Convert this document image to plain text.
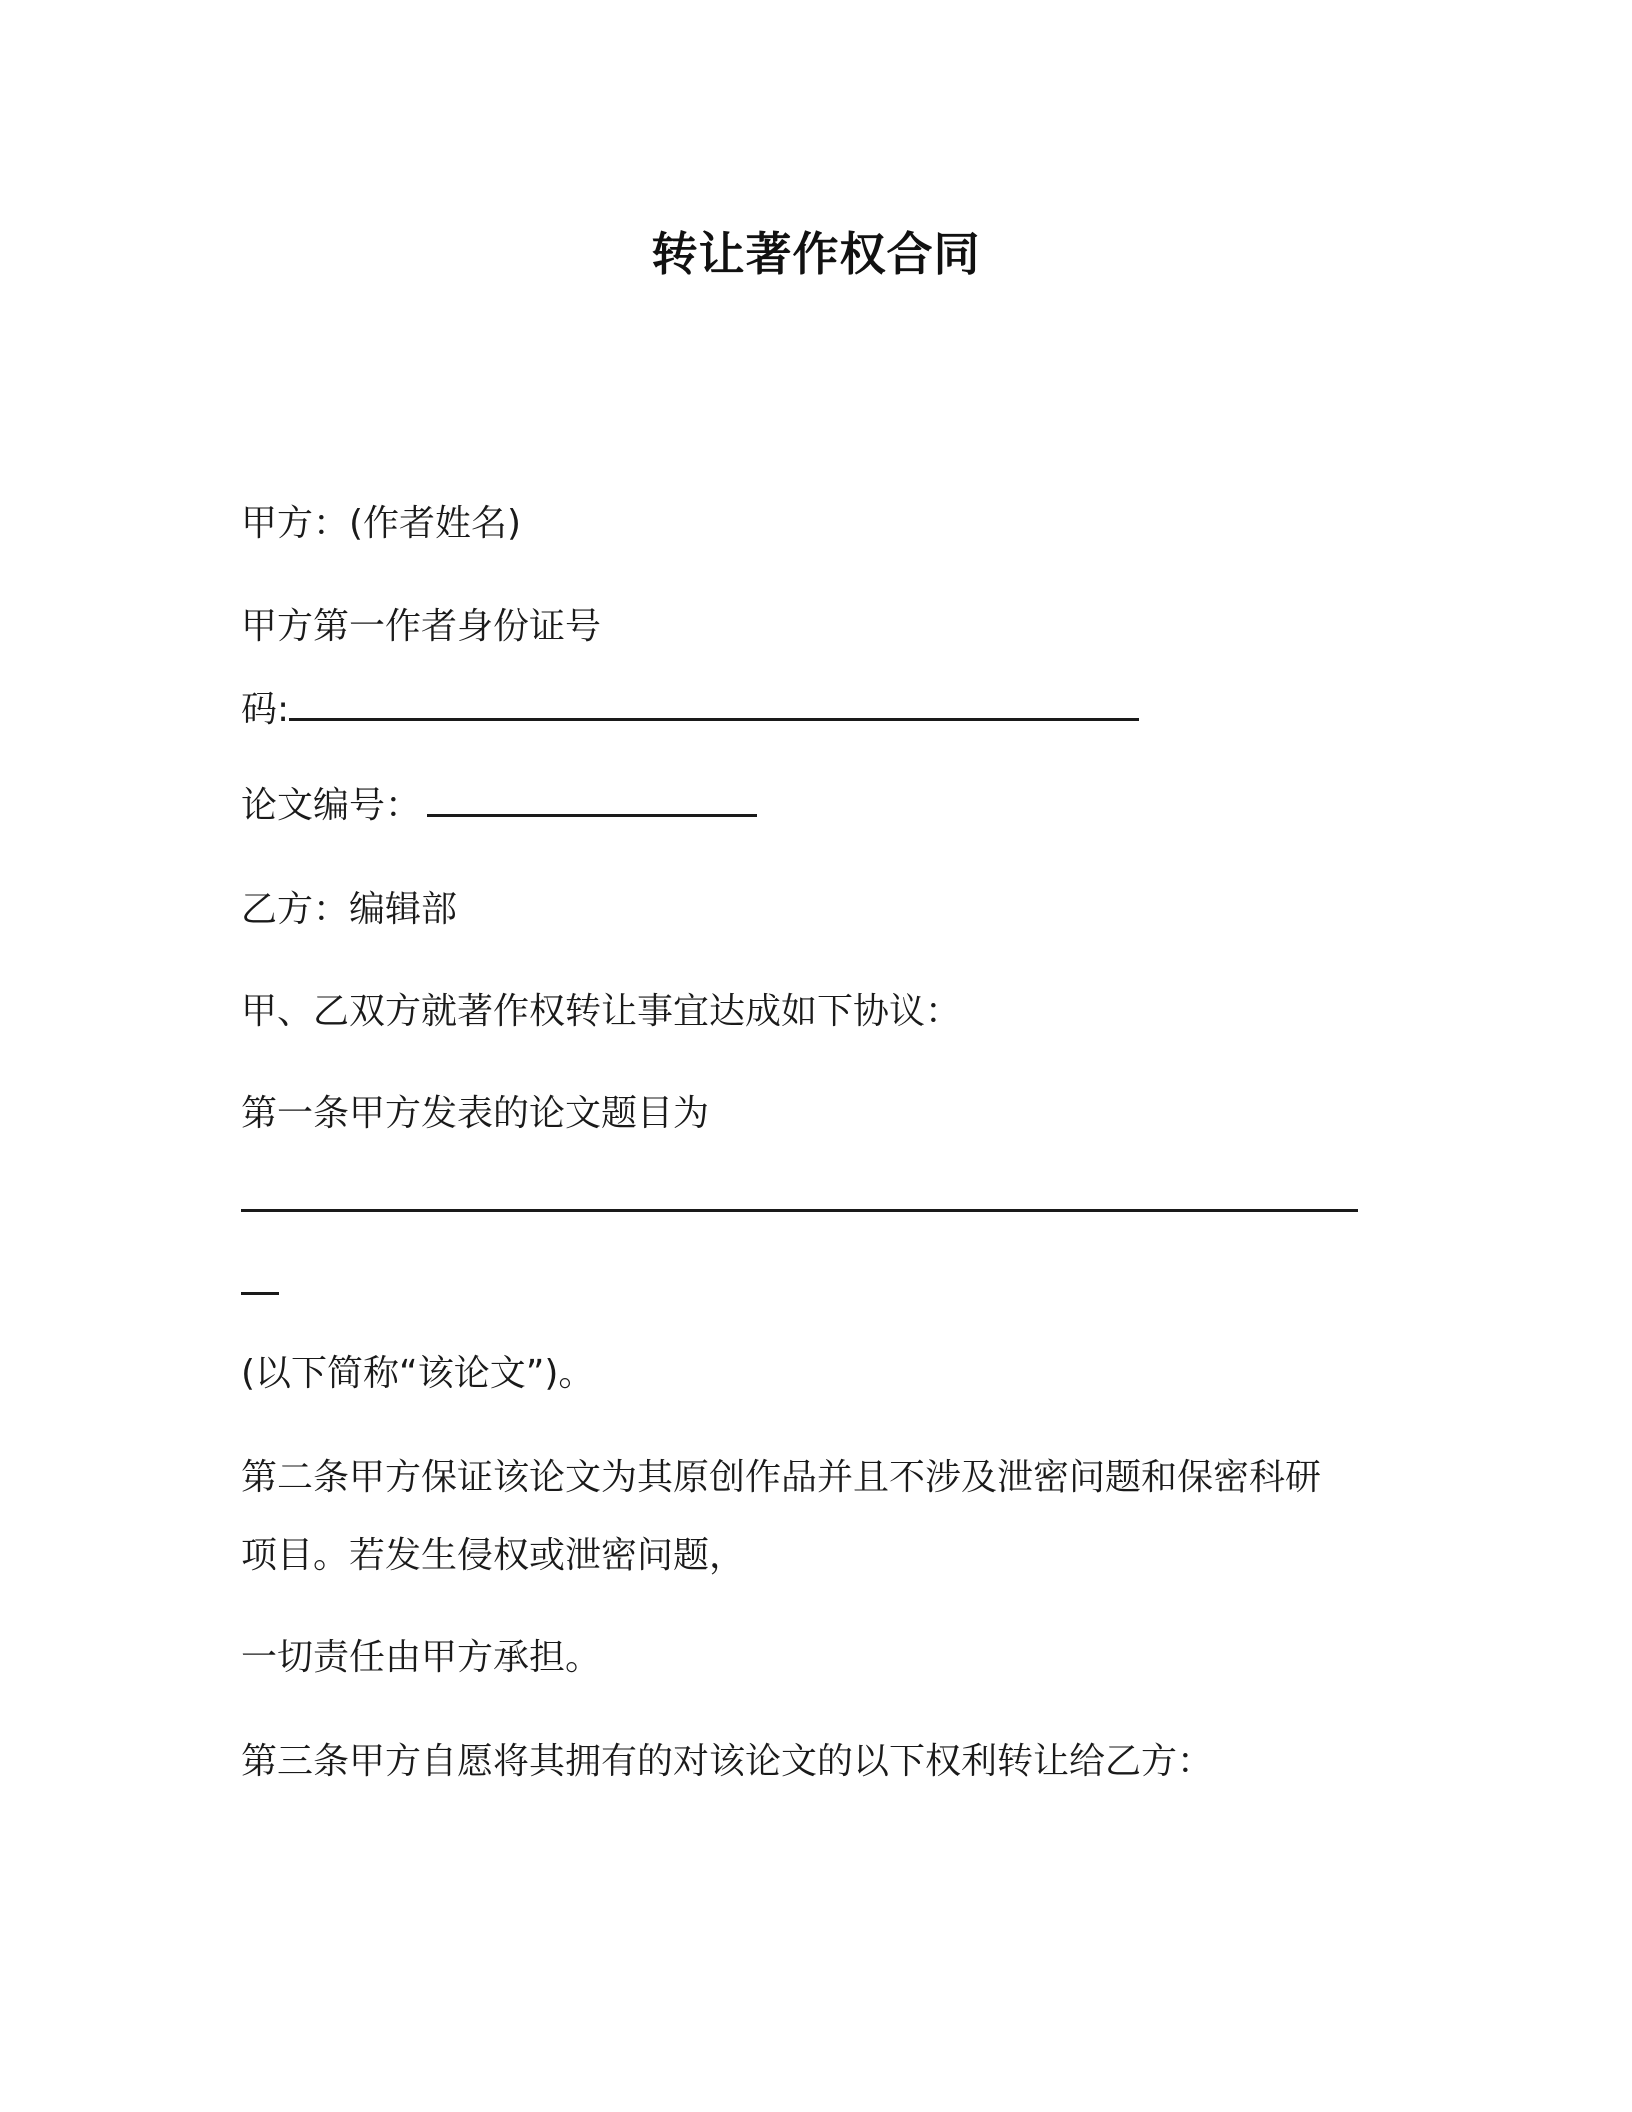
转让著作权合同
甲方：(作者姓名)
甲方第一作者身份证号
码:
论文编号：
乙方：编辑部
甲、乙双方就著作权转让事宜达成如下协议：
第一条甲方发表的论文题目为
(以下简称“该论文”)。
第二条甲方保证该论文为其原创作品并且不涉及泄密问题和保密科研
项目。若发生侵权或泄密问题，
一切责任由甲方承担。
第三条甲方自愿将其拥有的对该论文的以下权利转让给乙方：
